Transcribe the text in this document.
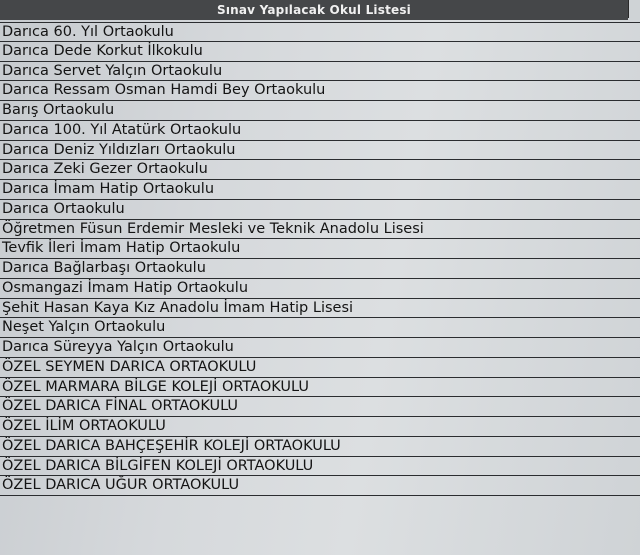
Sınav Yapılacak Okul Listesi
Darıca 60. Yıl Ortaokulu
Darıca Dede Korkut İlkokulu
Darıca Servet Yalçın Ortaokulu
Darıca Ressam Osman Hamdi Bey Ortaokulu
Barış Ortaokulu
Darıca 100. Yıl Atatürk Ortaokulu
Darıca Deniz Yıldızları Ortaokulu
Darıca Zeki Gezer Ortaokulu
Darıca İmam Hatip Ortaokulu
Darıca Ortaokulu
Öğretmen Füsun Erdemir Mesleki ve Teknik Anadolu Lisesi
Tevfik İleri İmam Hatip Ortaokulu
Darıca Bağlarbaşı Ortaokulu
Osmangazi İmam Hatip Ortaokulu
Şehit Hasan Kaya Kız Anadolu İmam Hatip Lisesi
Neşet Yalçın Ortaokulu
Darıca Süreyya Yalçın Ortaokulu
ÖZEL SEYMEN DARICA ORTAOKULU
ÖZEL MARMARA BİLGE KOLEJİ ORTAOKULU
ÖZEL DARICA FİNAL ORTAOKULU
ÖZEL İLİM ORTAOKULU
ÖZEL DARICA BAHÇEŞEHİR KOLEJİ ORTAOKULU
ÖZEL DARICA BİLGİFEN KOLEJİ ORTAOKULU
ÖZEL DARICA UĞUR ORTAOKULU
